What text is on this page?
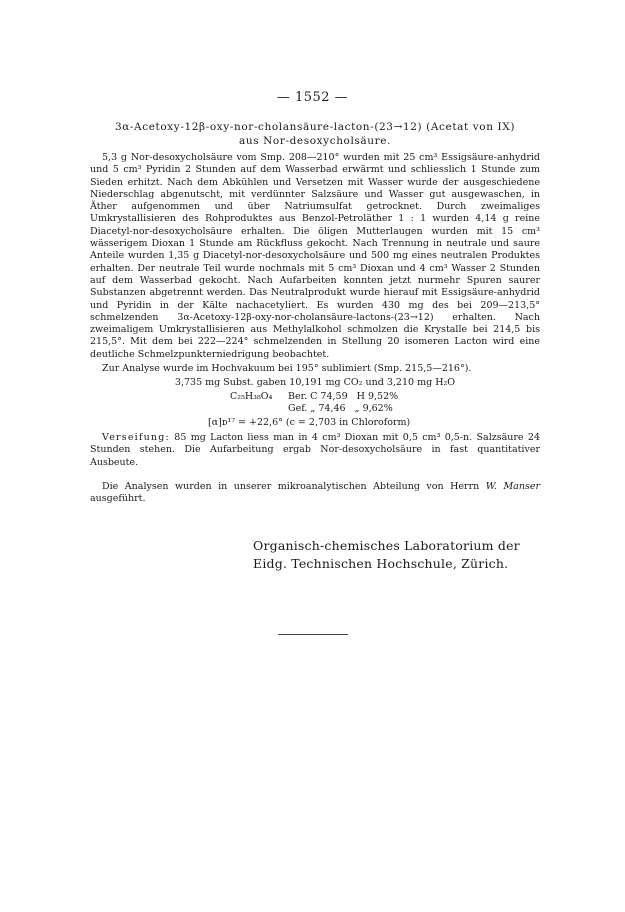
— 1552 —
3α-Acetoxy-12β-oxy-nor-cholansäure-lacton-(23→12) (Acetat von IX)
aus Nor-desoxycholsäure.

5,3 g Nor-desoxycholsäure vom Smp. 208—210° wurden mit 25 cm³ Essigsäure-anhydrid und 5 cm³ Pyridin 2 Stunden auf dem Wasserbad erwärmt und schliesslich 1 Stunde zum Sieden erhitzt. Nach dem Abkühlen und Versetzen mit Wasser wurde der ausgeschiedene Niederschlag abgenutscht, mit verdünnter Salzsäure und Wasser gut ausgewaschen, in Äther aufgenommen und über Natriumsulfat getrocknet. Durch zweimaliges Umkrystallisieren des Rohproduktes aus Benzol-Petroläther 1 : 1 wurden 4,14 g reine Diacetyl-nor-desoxycholsäure erhalten. Die öligen Mutterlaugen wurden mit 15 cm³ wässerigem Dioxan 1 Stunde am Rückfluss gekocht. Nach Trennung in neutrale und saure Anteile wurden 1,35 g Diacetyl-nor-desoxycholsäure und 500 mg eines neutralen Produktes erhalten. Der neutrale Teil wurde nochmals mit 5 cm³ Dioxan und 4 cm³ Wasser 2 Stunden auf dem Wasserbad gekocht. Nach Aufarbeiten konnten jetzt nurmehr Spuren saurer Substanzen abgetrennt werden. Das Neutralprodukt wurde hierauf mit Essigsäure-anhydrid und Pyridin in der Kälte nachacetyliert. Es wurden 430 mg des bei 209—213,5° schmelzenden 3α-Acetoxy-12β-oxy-nor-cholansäure-lactons-(23→12) erhalten. Nach zweimaligem Umkrystallisieren aus Methylalkohol schmolzen die Krystalle bei 214,5 bis 215,5°. Mit dem bei 222—224° schmelzenden in Stellung 20 isomeren Lacton wird eine deutliche Schmelzpunkterniedrigung beobachtet.

Zur Analyse wurde im Hochvakuum bei 195° sublimiert (Smp. 215,5—216°).

3,735 mg Subst. gaben 10,191 mg CO₂ und 3,210 mg H₂O

C₂₅H₃₈O₄ Ber. C 74,59   H 9,52%
Gef. „ 74,46   „ 9,62%

[α]ᴅ¹⁷ = +22,6° (c = 2,703 in Chloroform)

Verseifung: 85 mg Lacton liess man in 4 cm³ Dioxan mit 0,5 cm³ 0,5-n. Salzsäure 24 Stunden stehen. Die Aufarbeitung ergab Nor-desoxycholsäure in fast quantitativer Ausbeute.

Die Analysen wurden in unserer mikroanalytischen Abteilung von Herrn W. Manser ausgeführt.

Organisch-chemisches Laboratorium der
Eidg. Technischen Hochschule, Zürich.
